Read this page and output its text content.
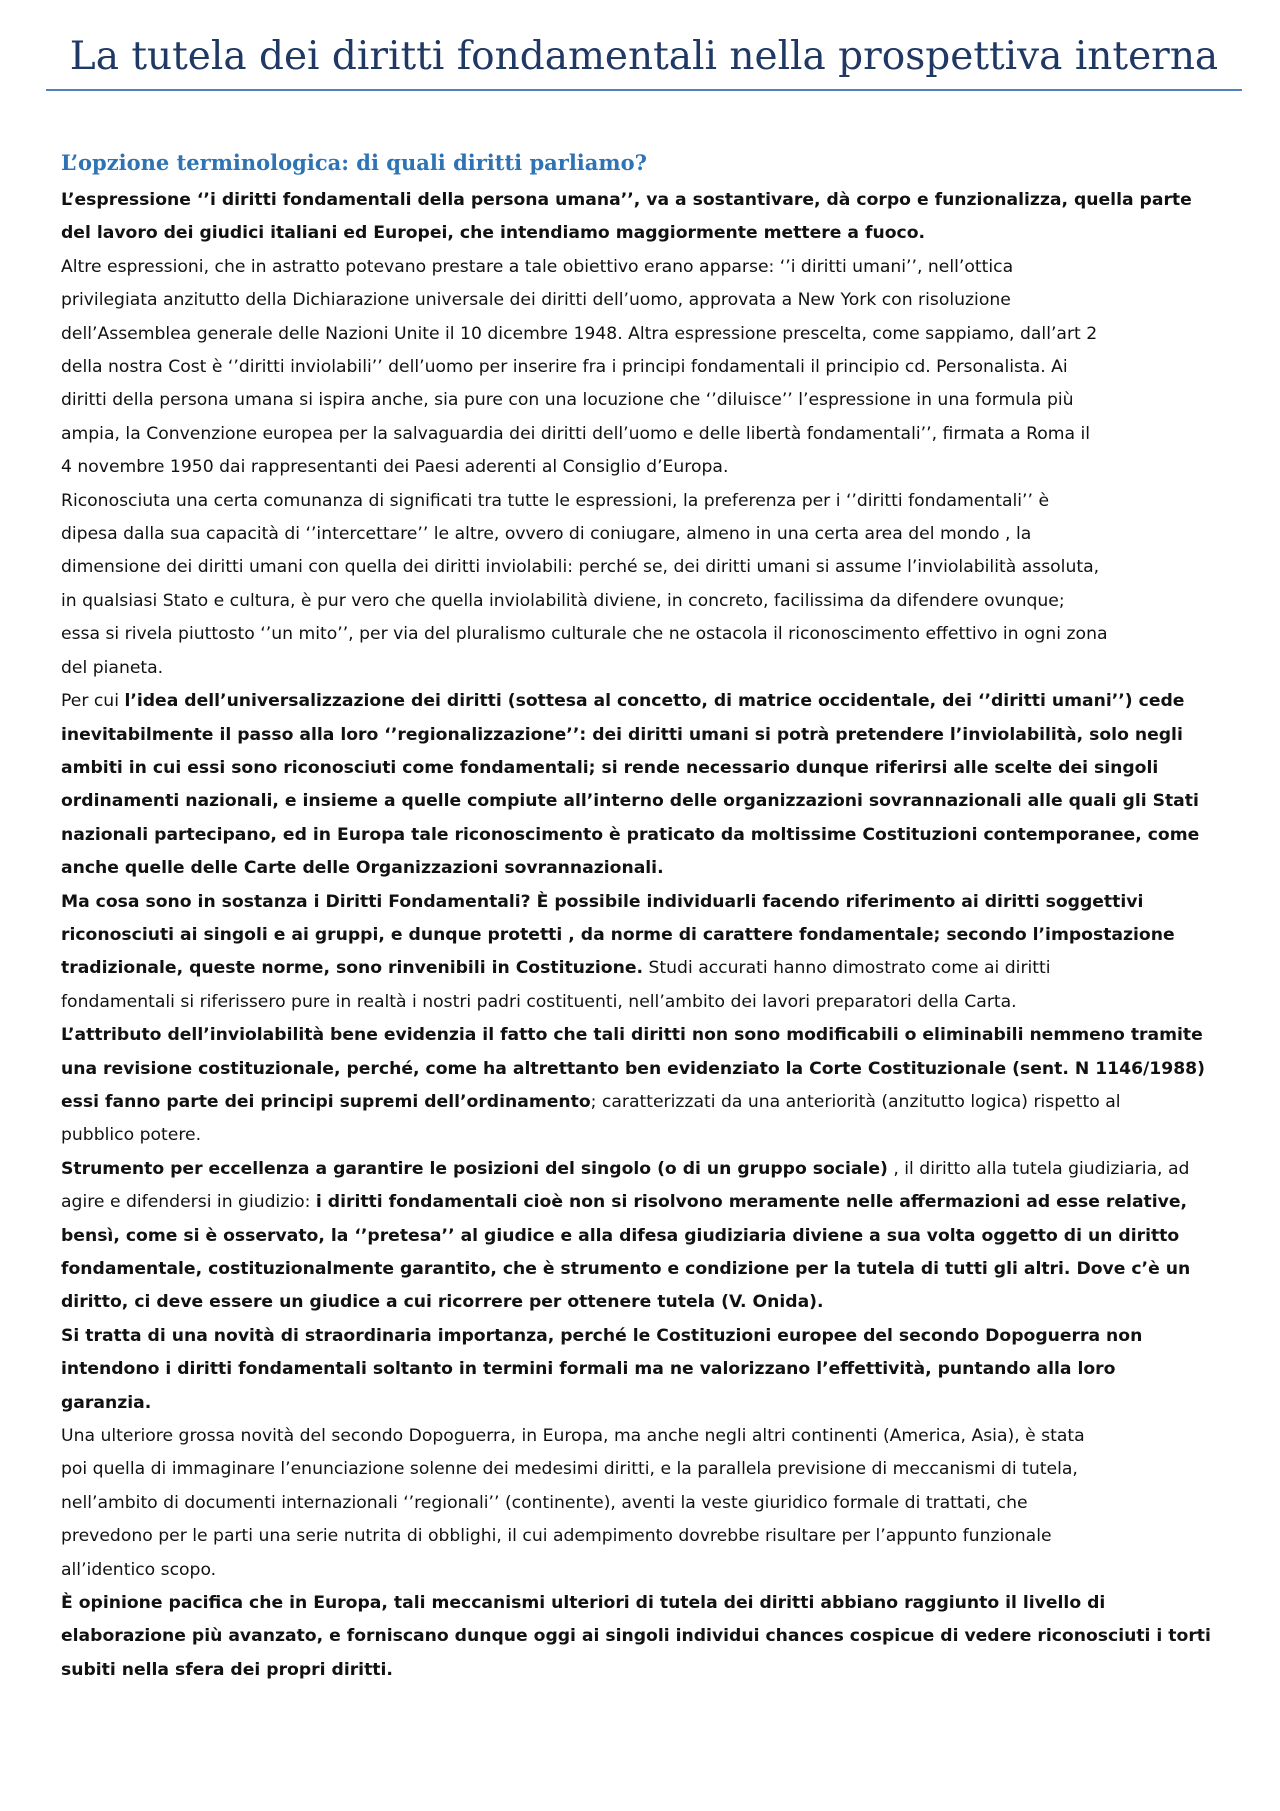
La tutela dei diritti fondamentali nella prospettiva interna
L’opzione terminologica: di quali diritti parliamo?

L’espressione ‘’i diritti fondamentali della persona umana’’, va a sostantivare, dà corpo e funzionalizza, quella parte

del lavoro dei giudici italiani ed Europei, che intendiamo maggiormente mettere a fuoco.

Altre espressioni, che in astratto potevano prestare a tale obiettivo erano apparse: ‘’i diritti umani’’, nell’ottica

privilegiata anzitutto della Dichiarazione universale dei diritti dell’uomo, approvata a New York con risoluzione

dell’Assemblea generale delle Nazioni Unite il 10 dicembre 1948. Altra espressione prescelta, come sappiamo, dall’art 2

della nostra Cost è ‘’diritti inviolabili’’ dell’uomo per inserire fra i principi fondamentali il principio cd. Personalista. Ai

diritti della persona umana si ispira anche, sia pure con una locuzione che ‘’diluisce’’ l’espressione in una formula più

ampia, la Convenzione europea per la salvaguardia dei diritti dell’uomo e delle libertà fondamentali’’, firmata a Roma il

4 novembre 1950 dai rappresentanti dei Paesi aderenti al Consiglio d’Europa.

Riconosciuta una certa comunanza di significati tra tutte le espressioni, la preferenza per i ‘’diritti fondamentali’’ è

dipesa dalla sua capacità di ‘’intercettare’’ le altre, ovvero di coniugare, almeno in una certa area del mondo , la

dimensione dei diritti umani con quella dei diritti inviolabili: perché se, dei diritti umani si assume l’inviolabilità assoluta,

in qualsiasi Stato e cultura, è pur vero che quella inviolabilità diviene, in concreto, facilissima da difendere ovunque;

essa si rivela piuttosto ‘’un mito’’, per via del pluralismo culturale che ne ostacola il riconoscimento effettivo in ogni zona

del pianeta.

Per cui l’idea dell’universalizzazione dei diritti (sottesa al concetto, di matrice occidentale, dei ‘’diritti umani’’) cede

inevitabilmente il passo alla loro ‘’regionalizzazione’’: dei diritti umani si potrà pretendere l’inviolabilità, solo negli

ambiti in cui essi sono riconosciuti come fondamentali; si rende necessario dunque riferirsi alle scelte dei singoli

ordinamenti nazionali, e insieme a quelle compiute all’interno delle organizzazioni sovrannazionali alle quali gli Stati

nazionali partecipano, ed in Europa tale riconoscimento è praticato da moltissime Costituzioni contemporanee, come

anche quelle delle Carte delle Organizzazioni sovrannazionali.

Ma cosa sono in sostanza i Diritti Fondamentali? È possibile individuarli facendo riferimento ai diritti soggettivi

riconosciuti ai singoli e ai gruppi, e dunque protetti , da norme di carattere fondamentale; secondo l’impostazione

tradizionale, queste norme, sono rinvenibili in Costituzione. Studi accurati hanno dimostrato come ai diritti

fondamentali si riferissero pure in realtà i nostri padri costituenti, nell’ambito dei lavori preparatori della Carta.

L’attributo dell’inviolabilità bene evidenzia il fatto che tali diritti non sono modificabili o eliminabili nemmeno tramite

una revisione costituzionale, perché, come ha altrettanto ben evidenziato la Corte Costituzionale (sent. N 1146/1988)

essi fanno parte dei principi supremi dell’ordinamento; caratterizzati da una anteriorità (anzitutto logica) rispetto al

pubblico potere.

Strumento per eccellenza a garantire le posizioni del singolo (o di un gruppo sociale) , il diritto alla tutela giudiziaria, ad

agire e difendersi in giudizio: i diritti fondamentali cioè non si risolvono meramente nelle affermazioni ad esse relative,

bensì, come si è osservato, la ‘’pretesa’’ al giudice e alla difesa giudiziaria diviene a sua volta oggetto di un diritto

fondamentale, costituzionalmente garantito, che è strumento e condizione per la tutela di tutti gli altri. Dove c’è un

diritto, ci deve essere un giudice a cui ricorrere per ottenere tutela (V. Onida).

Si tratta di una novità di straordinaria importanza, perché le Costituzioni europee del secondo Dopoguerra non

intendono i diritti fondamentali soltanto in termini formali ma ne valorizzano l’effettività, puntando alla loro

garanzia.

Una ulteriore grossa novità del secondo Dopoguerra, in Europa, ma anche negli altri continenti (America, Asia), è stata

poi quella di immaginare l’enunciazione solenne dei medesimi diritti, e la parallela previsione di meccanismi di tutela,

nell’ambito di documenti internazionali ‘’regionali’’ (continente), aventi la veste giuridico formale di trattati, che

prevedono per le parti una serie nutrita di obblighi, il cui adempimento dovrebbe risultare per l’appunto funzionale

all’identico scopo.

È opinione pacifica che in Europa, tali meccanismi ulteriori di tutela dei diritti abbiano raggiunto il livello di

elaborazione più avanzato, e forniscano dunque oggi ai singoli individui chances cospicue di vedere riconosciuti i torti

subiti nella sfera dei propri diritti.
